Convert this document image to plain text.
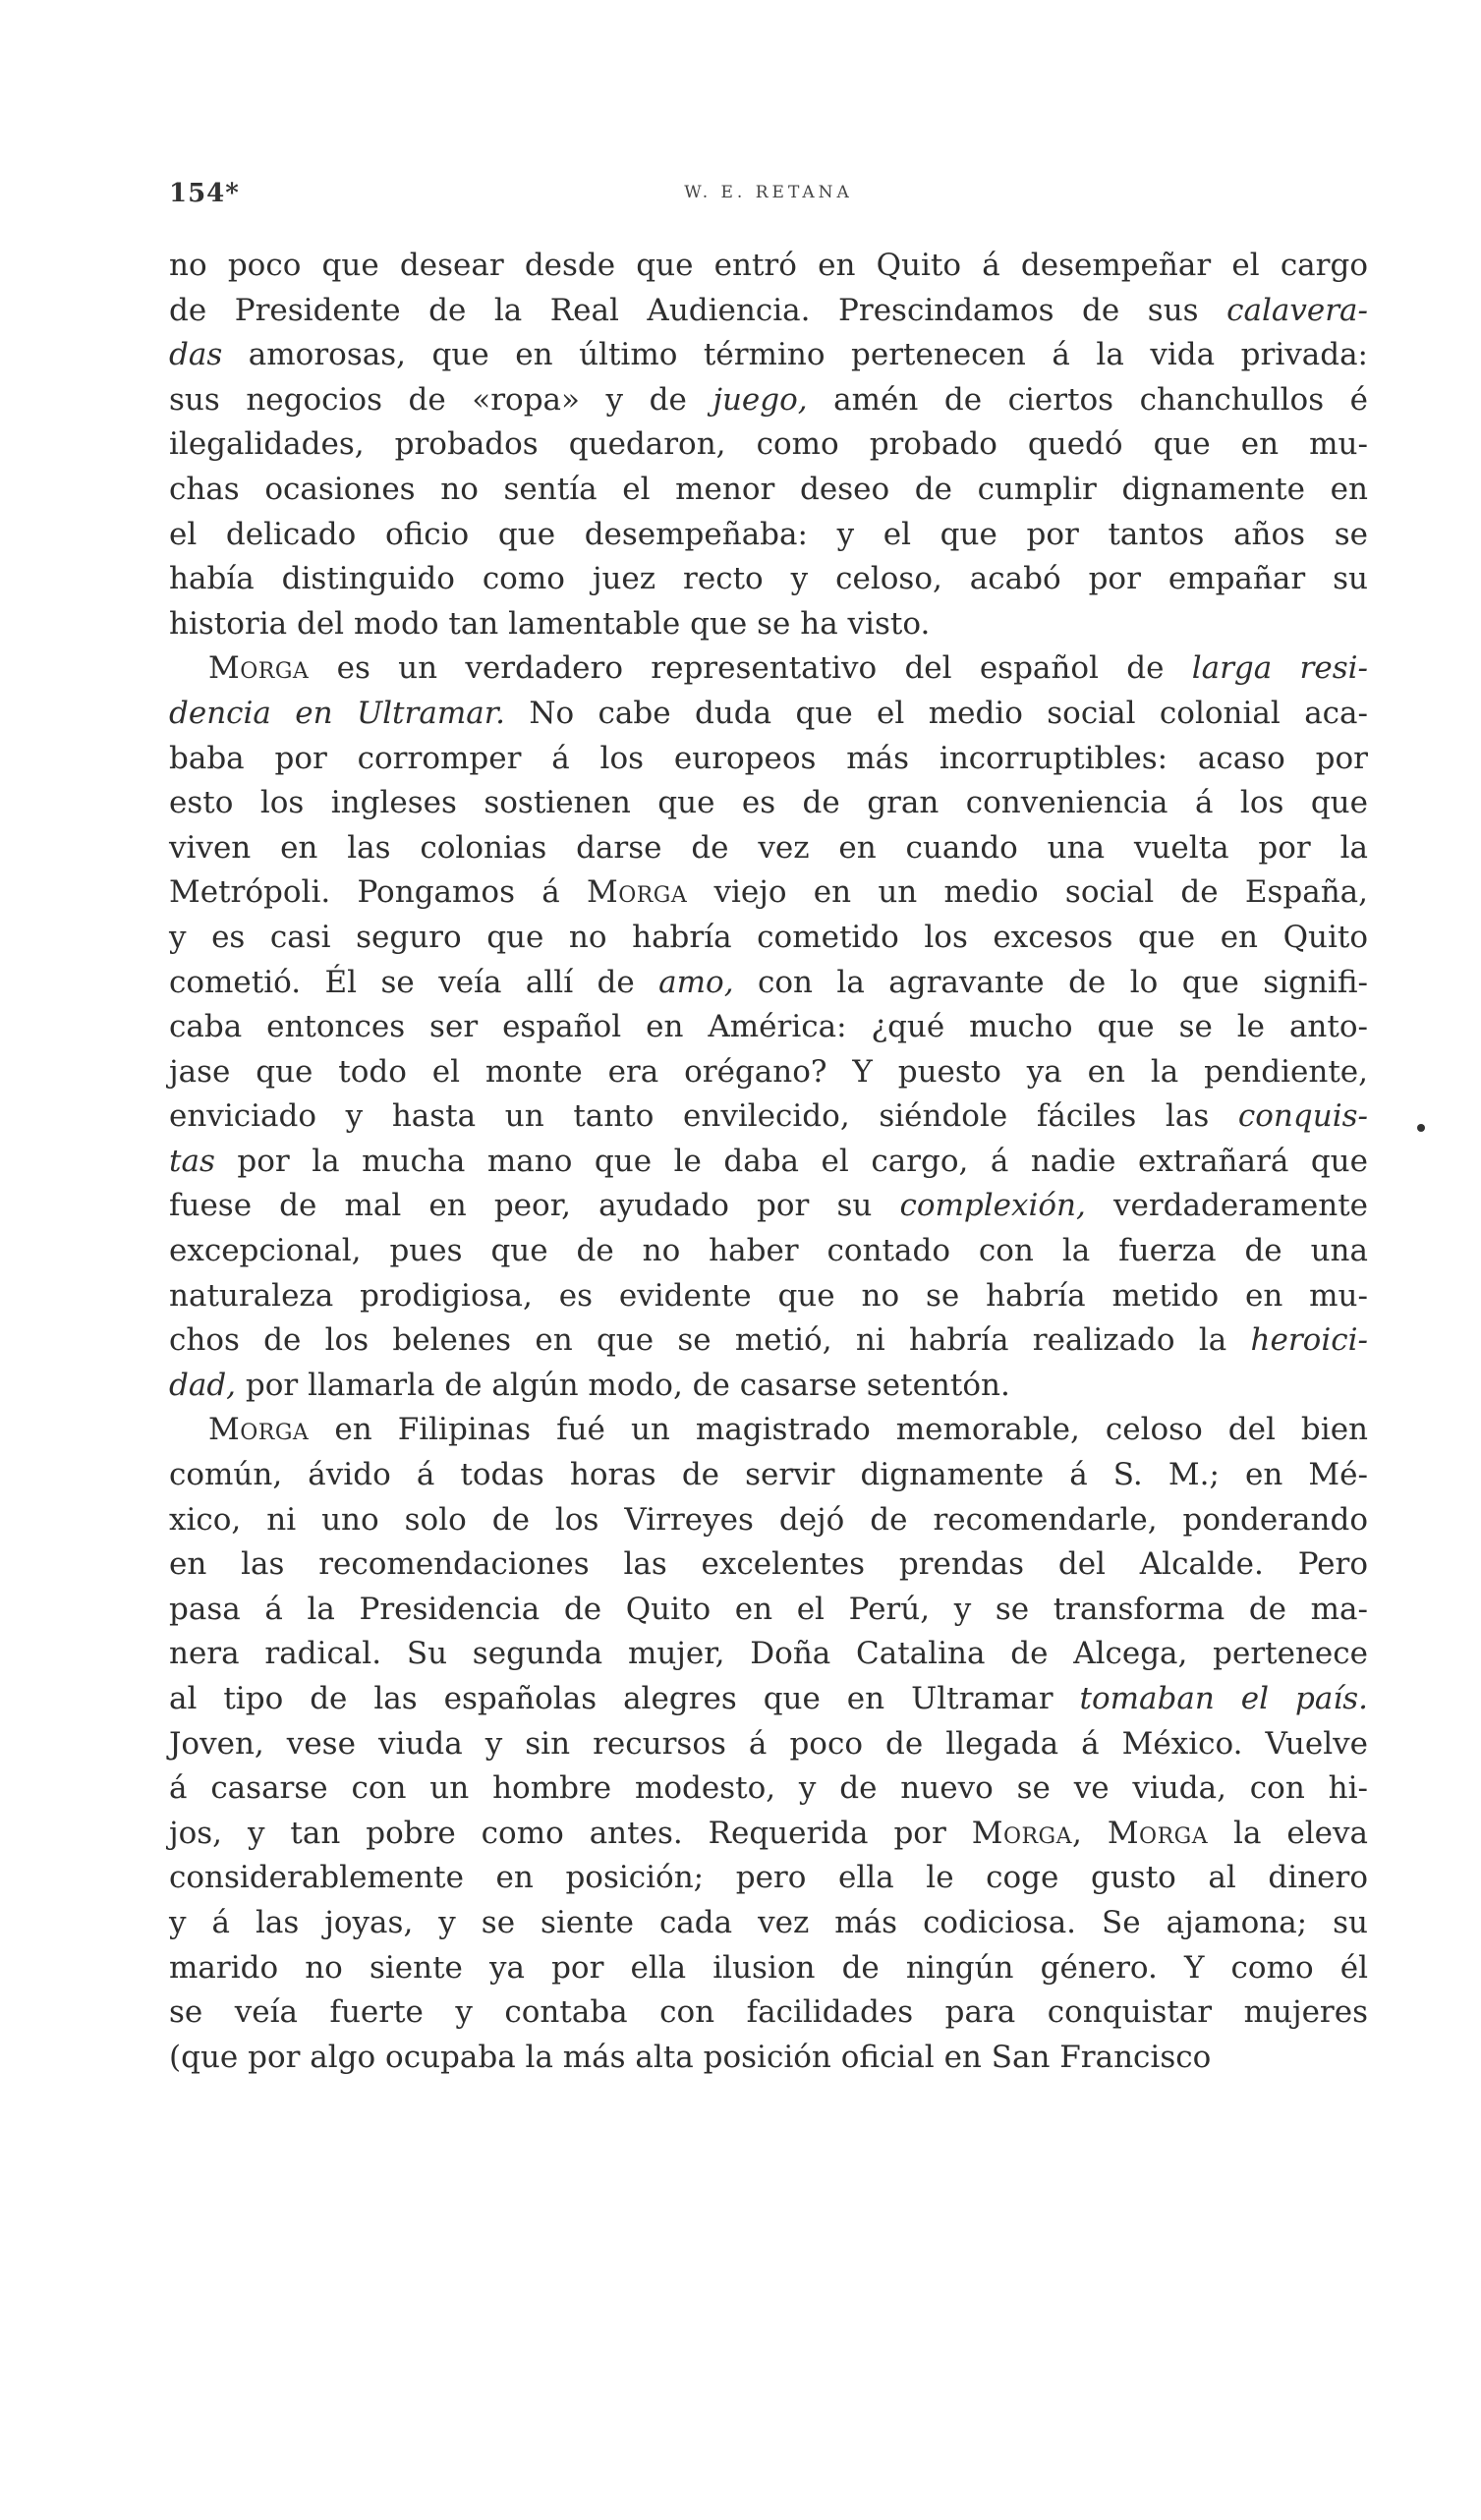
154*	W. E. RETANA

no poco que desear desde que entró en Quito á desempeñar el cargo
de Presidente de la Real Audiencia. Prescindamos de sus calavera-
das amorosas, que en último término pertenecen á la vida privada:
sus negocios de «ropa» y de juego, amén de ciertos chanchullos é
ilegalidades, probados quedaron, como probado quedó que en mu-
chas ocasiones no sentía el menor deseo de cumplir dignamente en
el delicado oficio que desempeñaba: y el que por tantos años se
había distinguido como juez recto y celoso, acabó por empañar su
historia del modo tan lamentable que se ha visto.

Morga es un verdadero representativo del español de larga resi-
dencia en Ultramar. No cabe duda que el medio social colonial aca-
baba por corromper á los europeos más incorruptibles: acaso por
esto los ingleses sostienen que es de gran conveniencia á los que
viven en las colonias darse de vez en cuando una vuelta por la
Metrópoli. Pongamos á Morga viejo en un medio social de España,
y es casi seguro que no habría cometido los excesos que en Quito
cometió. Él se veía allí de amo, con la agravante de lo que signifi-
caba entonces ser español en América: ¿qué mucho que se le anto-
jase que todo el monte era orégano? Y puesto ya en la pendiente,
enviciado y hasta un tanto envilecido, siéndole fáciles las conquis-
tas por la mucha mano que le daba el cargo, á nadie extrañará que
fuese de mal en peor, ayudado por su complexión, verdaderamente
excepcional, pues que de no haber contado con la fuerza de una
naturaleza prodigiosa, es evidente que no se habría metido en mu-
chos de los belenes en que se metió, ni habría realizado la heroici-
dad, por llamarla de algún modo, de casarse setentón.

Morga en Filipinas fué un magistrado memorable, celoso del bien
común, ávido á todas horas de servir dignamente á S. M.; en Mé-
xico, ni uno solo de los Virreyes dejó de recomendarle, ponderando
en las recomendaciones las excelentes prendas del Alcalde. Pero
pasa á la Presidencia de Quito en el Perú, y se transforma de ma-
nera radical. Su segunda mujer, Doña Catalina de Alcega, pertenece
al tipo de las españolas alegres que en Ultramar tomaban el país.
Joven, vese viuda y sin recursos á poco de llegada á México. Vuelve
á casarse con un hombre modesto, y de nuevo se ve viuda, con hi-
jos, y tan pobre como antes. Requerida por Morga, Morga la eleva
considerablemente en posición; pero ella le coge gusto al dinero
y á las joyas, y se siente cada vez más codiciosa. Se ajamona; su
marido no siente ya por ella ilusion de ningún género. Y como él
se veía fuerte y contaba con facilidades para conquistar mujeres
(que por algo ocupaba la más alta posición oficial en San Francisco
